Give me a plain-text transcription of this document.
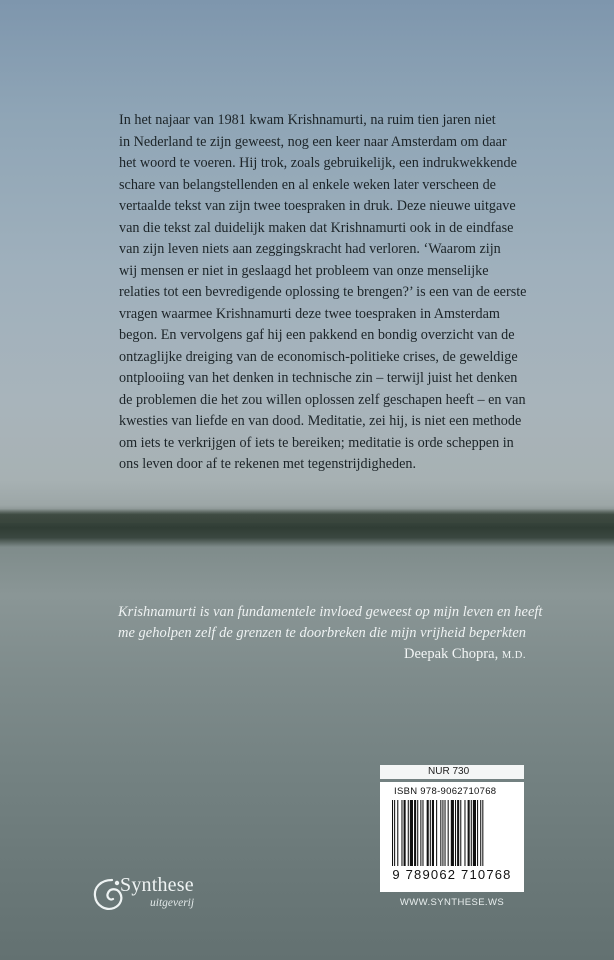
In het najaar van 1981 kwam Krishnamurti, na ruim tien jaren niet
in Nederland te zijn geweest, nog een keer naar Amsterdam om daar
het woord te voeren. Hij trok, zoals gebruikelijk, een indrukwekkende
schare van belangstellenden en al enkele weken later verscheen de
vertaalde tekst van zijn twee toespraken in druk. Deze nieuwe uitgave
van die tekst zal duidelijk maken dat Krishnamurti ook in de eindfase
van zijn leven niets aan zeggingskracht had verloren. ‘Waarom zijn
wij mensen er niet in geslaagd het probleem van onze menselijke
relaties tot een bevredigende oplossing te brengen?’ is een van de eerste
vragen waarmee Krishnamurti deze twee toespraken in Amsterdam
begon. En vervolgens gaf hij een pakkend en bondig overzicht van de
ontzaglijke dreiging van de economisch-politieke crises, de geweldige
ontplooiing van het denken in technische zin – terwijl juist het denken
de problemen die het zou willen oplossen zelf geschapen heeft – en van
kwesties van liefde en van dood. Meditatie, zei hij, is niet een methode
om iets te verkrijgen of iets te bereiken; meditatie is orde scheppen in
ons leven door af te rekenen met tegenstrijdigheden.
Krishnamurti is van fundamentele invloed geweest op mijn leven en heeft
me geholpen zelf de grenzen te doorbreken die mijn vrijheid beperkten
Deepak Chopra, M.D.
NUR 730
ISBN 978-9062710768
9 789062 710768
WWW.SYNTHESE.WS
Synthese
uitgeverij
